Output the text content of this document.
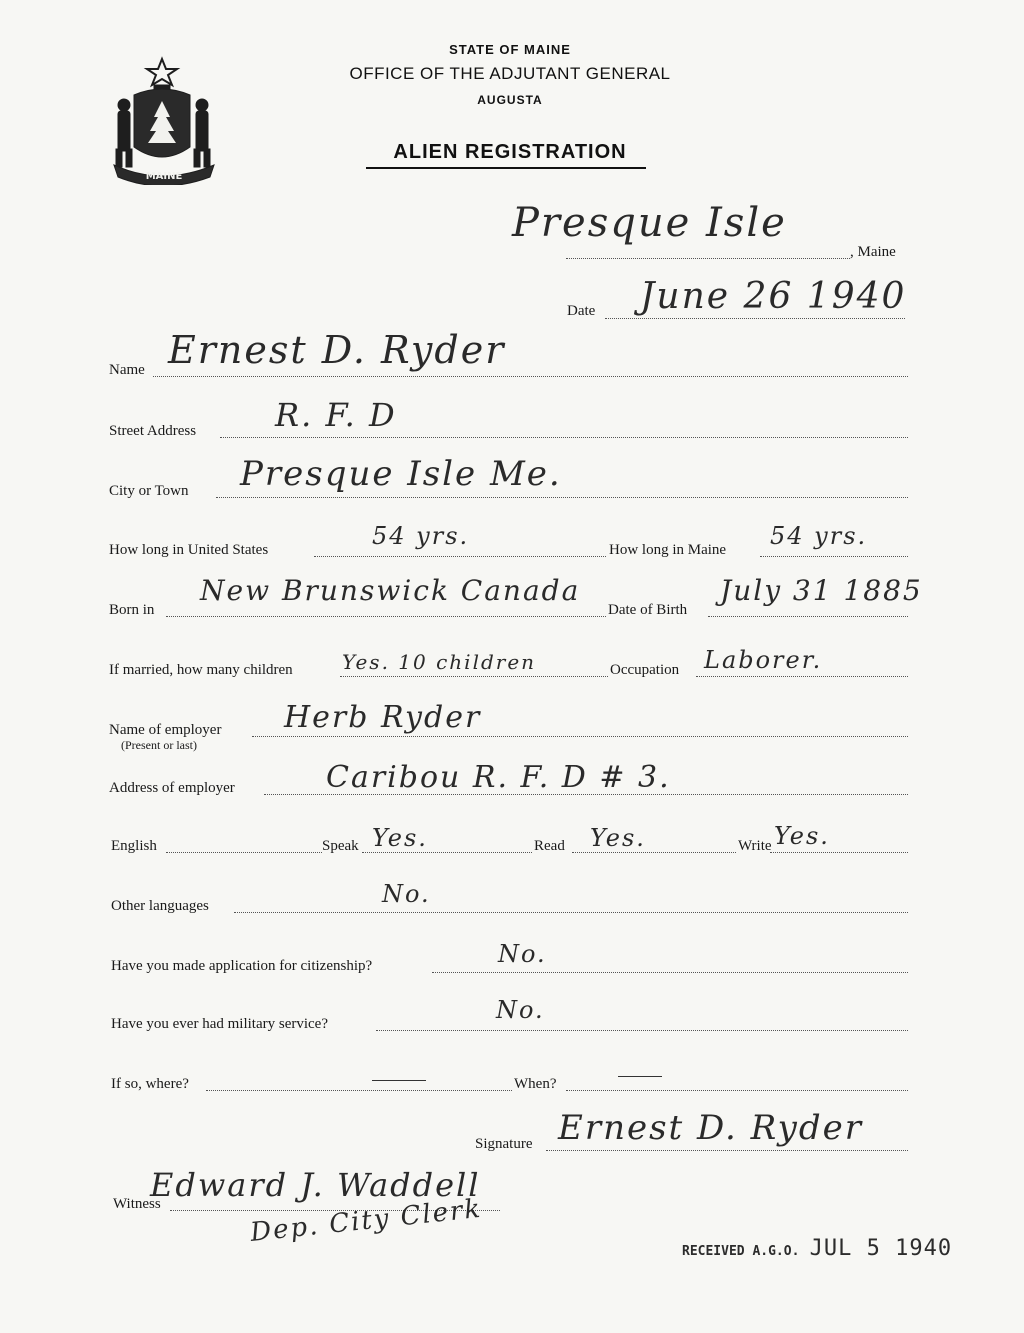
MAINE
STATE OF MAINE
OFFICE OF THE ADJUTANT GENERAL
AUGUSTA
ALIEN REGISTRATION
Presque Isle
, Maine
Date June 26 1940
Name Ernest D. Ryder
Street Address R. F. D
City or Town Presque Isle Me.
How long in United States	54 yrs.	How long in Maine 54 yrs.
Born in
New Brunswick Canada
Date of Birth
July 31 1885
If married, how many children Yes. 10 children	Occupation Laborer.
Name of employer
(Present or last)
Herb Ryder
Address of employer	Caribou R. F. D # 3.
English	Speak Yes.	Read Yes.	Write Yes.
Other languages	No.
Have you made application for citizenship?	No.
Have you ever had military service?	No.
If so, where?	When?
Signature Ernest D. Ryder
Witness
Edward J. Waddell
Dep. City Clerk
RECEIVED A.G.O. JUL 5 1940
